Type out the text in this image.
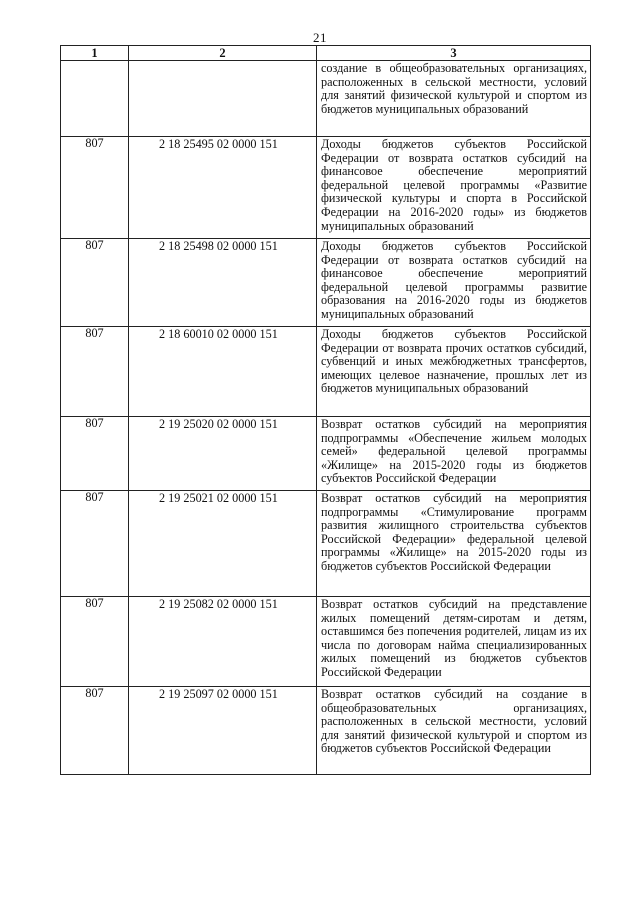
21
1	2	3
		создание в общеобразовательных организациях, расположенных в сельской местности, условий для занятий физической культурой и спортом из бюджетов муниципальных образований
807	2 18 25495 02 0000 151	Доходы бюджетов субъектов Российской Федерации от возврата остатков субсидий на финансовое обеспечение мероприятий федеральной целевой программы «Развитие физической культуры и спорта в Российской Федерации на 2016-2020 годы» из бюджетов муниципальных образований
807	2 18 25498 02 0000 151	Доходы бюджетов субъектов Российской Федерации от возврата остатков субсидий на финансовое обеспечение мероприятий федеральной целевой программы развитие образования на 2016-2020 годы из бюджетов муниципальных образований
807	2 18 60010 02 0000 151	Доходы бюджетов субъектов Российской Федерации от возврата прочих остатков субсидий, субвенций и иных межбюджетных трансфертов, имеющих целевое назначение, прошлых лет из бюджетов муниципальных образований
807	2 19 25020 02 0000 151	Возврат остатков субсидий на мероприятия подпрограммы «Обеспечение жильем молодых семей» федеральной целевой программы «Жилище» на 2015-2020 годы из бюджетов субъектов Российской Федерации
807	2 19 25021 02 0000 151	Возврат остатков субсидий на мероприятия подпрограммы «Стимулирование программ развития жилищного строительства субъектов Российской Федерации» федеральной целевой программы «Жилище» на 2015-2020 годы из бюджетов субъектов Российской Федерации
807	2 19 25082 02 0000 151	Возврат остатков субсидий на представление жилых помещений детям-сиротам и детям, оставшимся без попечения родителей, лицам из их числа по договорам найма специализированных жилых помещений из бюджетов субъектов Российской Федерации
807	2 19 25097 02 0000 151	Возврат остатков субсидий на создание в общеобразовательных организациях, расположенных в сельской местности, условий для занятий физической культурой и спортом из бюджетов субъектов Российской Федерации
